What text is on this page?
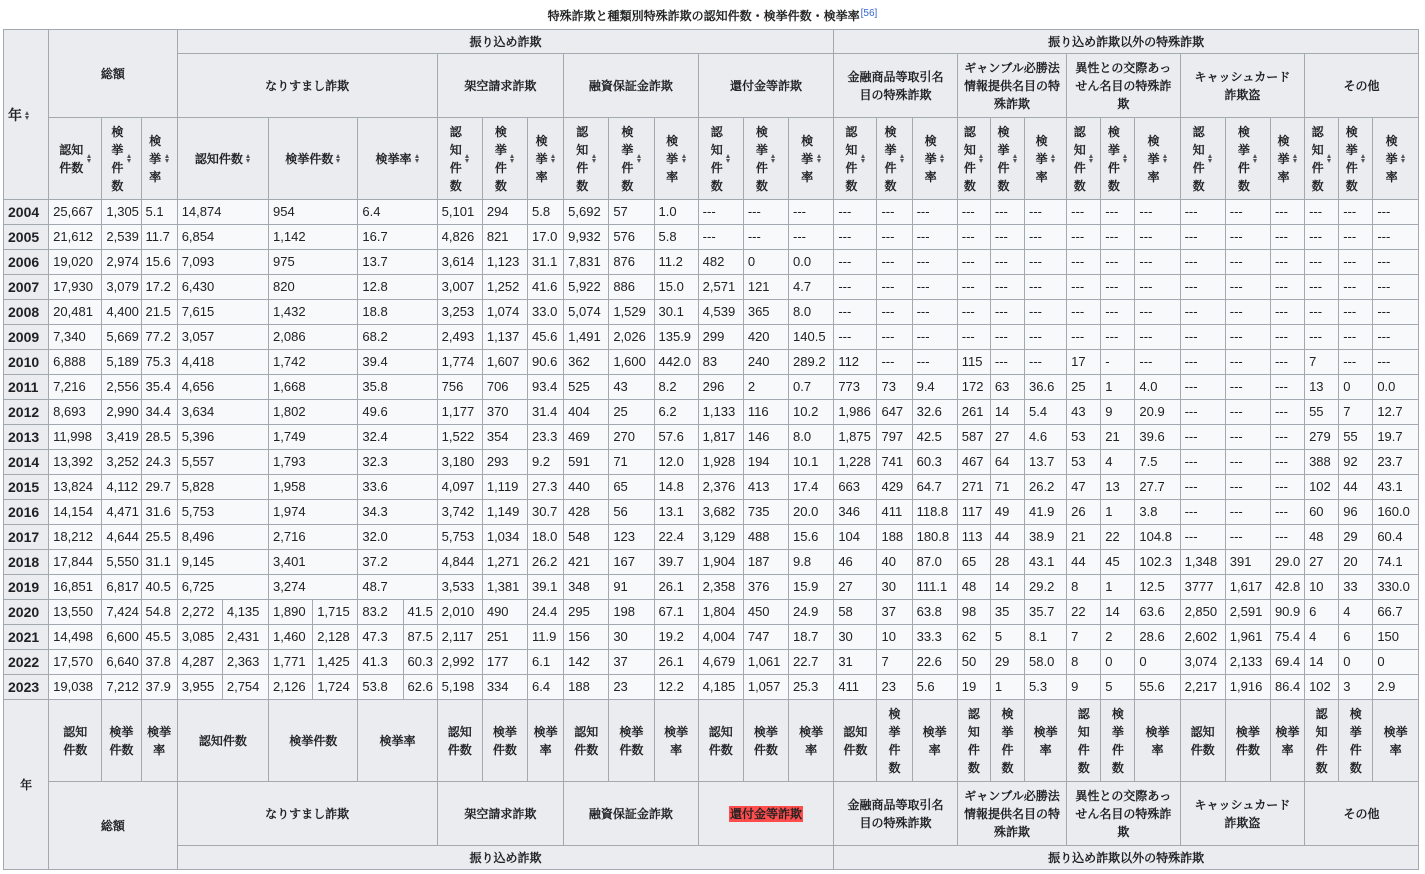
特殊詐欺と種類別特殊詐欺の認知件数・検挙件数・検挙率[56]
年	総額			振り込め詐欺															振り込め詐欺以外の特殊詐欺														
				なりすまし詐欺						架空請求詐欺			融資保証金詐欺			還付金等詐欺			金融商品等取引名目の特殊詐欺			ギャンブル必勝法情報提供名目の特殊詐欺			異性との交際あっせん名目の特殊詐欺			キャッシュカード詐欺盗			その他		
	認知件数	検挙件数	検挙率	認知件数		検挙件数		検挙率		認知件数	検挙件数	検挙率	認知件数	検挙件数	検挙率	認知件数	検挙件数	検挙率	認知件数	検挙件数	検挙率	認知件数	検挙件数	検挙率	認知件数	検挙件数	検挙率	認知件数	検挙件数	検挙率	認知件数	検挙件数	検挙率
2004	25,667	1,305	5.1	14,874		954		6.4		5,101	294	5.8	5,692	57	1.0	---	---	---	---	---	---	---	---	---	---	---	---	---	---	---	---	---	---
2005	21,612	2,539	11.7	6,854		1,142		16.7		4,826	821	17.0	9,932	576	5.8	---	---	---	---	---	---	---	---	---	---	---	---	---	---	---	---	---	---
2006	19,020	2,974	15.6	7,093		975		13.7		3,614	1,123	31.1	7,831	876	11.2	482	0	0.0	---	---	---	---	---	---	---	---	---	---	---	---	---	---	---
2007	17,930	3,079	17.2	6,430		820		12.8		3,007	1,252	41.6	5,922	886	15.0	2,571	121	4.7	---	---	---	---	---	---	---	---	---	---	---	---	---	---	---
2008	20,481	4,400	21.5	7,615		1,432		18.8		3,253	1,074	33.0	5,074	1,529	30.1	4,539	365	8.0	---	---	---	---	---	---	---	---	---	---	---	---	---	---	---
2009	7,340	5,669	77.2	3,057		2,086		68.2		2,493	1,137	45.6	1,491	2,026	135.9	299	420	140.5	---	---	---	---	---	---	---	---	---	---	---	---	---	---	---
2010	6,888	5,189	75.3	4,418		1,742		39.4		1,774	1,607	90.6	362	1,600	442.0	83	240	289.2	112	---	---	115	---	---	17	-	---	---	---	---	7	---	---
2011	7,216	2,556	35.4	4,656		1,668		35.8		756	706	93.4	525	43	8.2	296	2	0.7	773	73	9.4	172	63	36.6	25	1	4.0	---	---	---	13	0	0.0
2012	8,693	2,990	34.4	3,634		1,802		49.6		1,177	370	31.4	404	25	6.2	1,133	116	10.2	1,986	647	32.6	261	14	5.4	43	9	20.9	---	---	---	55	7	12.7
2013	11,998	3,419	28.5	5,396		1,749		32.4		1,522	354	23.3	469	270	57.6	1,817	146	8.0	1,875	797	42.5	587	27	4.6	53	21	39.6	---	---	---	279	55	19.7
2014	13,392	3,252	24.3	5,557		1,793		32.3		3,180	293	9.2	591	71	12.0	1,928	194	10.1	1,228	741	60.3	467	64	13.7	53	4	7.5	---	---	---	388	92	23.7
2015	13,824	4,112	29.7	5,828		1,958		33.6		4,097	1,119	27.3	440	65	14.8	2,376	413	17.4	663	429	64.7	271	71	26.2	47	13	27.7	---	---	---	102	44	43.1
2016	14,154	4,471	31.6	5,753		1,974		34.3		3,742	1,149	30.7	428	56	13.1	3,682	735	20.0	346	411	118.8	117	49	41.9	26	1	3.8	---	---	---	60	96	160.0
2017	18,212	4,644	25.5	8,496		2,716		32.0		5,753	1,034	18.0	548	123	22.4	3,129	488	15.6	104	188	180.8	113	44	38.9	21	22	104.8	---	---	---	48	29	60.4
2018	17,844	5,550	31.1	9,145		3,401		37.2		4,844	1,271	26.2	421	167	39.7	1,904	187	9.8	46	40	87.0	65	28	43.1	44	45	102.3	1,348	391	29.0	27	20	74.1
2019	16,851	6,817	40.5	6,725		3,274		48.7		3,533	1,381	39.1	348	91	26.1	2,358	376	15.9	27	30	111.1	48	14	29.2	8	1	12.5	3777	1,617	42.8	10	33	330.0
2020	13,550	7,424	54.8	2,272	4,135	1,890	1,715	83.2	41.5	2,010	490	24.4	295	198	67.1	1,804	450	24.9	58	37	63.8	98	35	35.7	22	14	63.6	2,850	2,591	90.9	6	4	66.7
2021	14,498	6,600	45.5	3,085	2,431	1,460	2,128	47.3	87.5	2,117	251	11.9	156	30	19.2	4,004	747	18.7	30	10	33.3	62	5	8.1	7	2	28.6	2,602	1,961	75.4	4	6	150
2022	17,570	6,640	37.8	4,287	2,363	1,771	1,425	41.3	60.3	2,992	177	6.1	142	37	26.1	4,679	1,061	22.7	31	7	22.6	50	29	58.0	8	0	0	3,074	2,133	69.4	14	0	0
2023	19,038	7,212	37.9	3,955	2,754	2,126	1,724	53.8	62.6	5,198	334	6.4	188	23	12.2	4,185	1,057	25.3	411	23	5.6	19	1	5.3	9	5	55.6	2,217	1,916	86.4	102	3	2.9
年	認知件数	検挙件数	検挙率	認知件数		検挙件数		検挙率		認知件数	検挙件数	検挙率	認知件数	検挙件数	検挙率	認知件数	検挙件数	検挙率	認知件数	検挙件数	検挙率	認知件数	検挙件数	検挙率	認知件数	検挙件数	検挙率	認知件数	検挙件数	検挙率	認知件数	検挙件数	検挙率
	総額			なりすまし詐欺						架空請求詐欺			融資保証金詐欺			還付金等詐欺			金融商品等取引名目の特殊詐欺			ギャンブル必勝法情報提供名目の特殊詐欺			異性との交際あっせん名目の特殊詐欺			キャッシュカード詐欺盗			その他		
				振り込め詐欺															振り込め詐欺以外の特殊詐欺														
